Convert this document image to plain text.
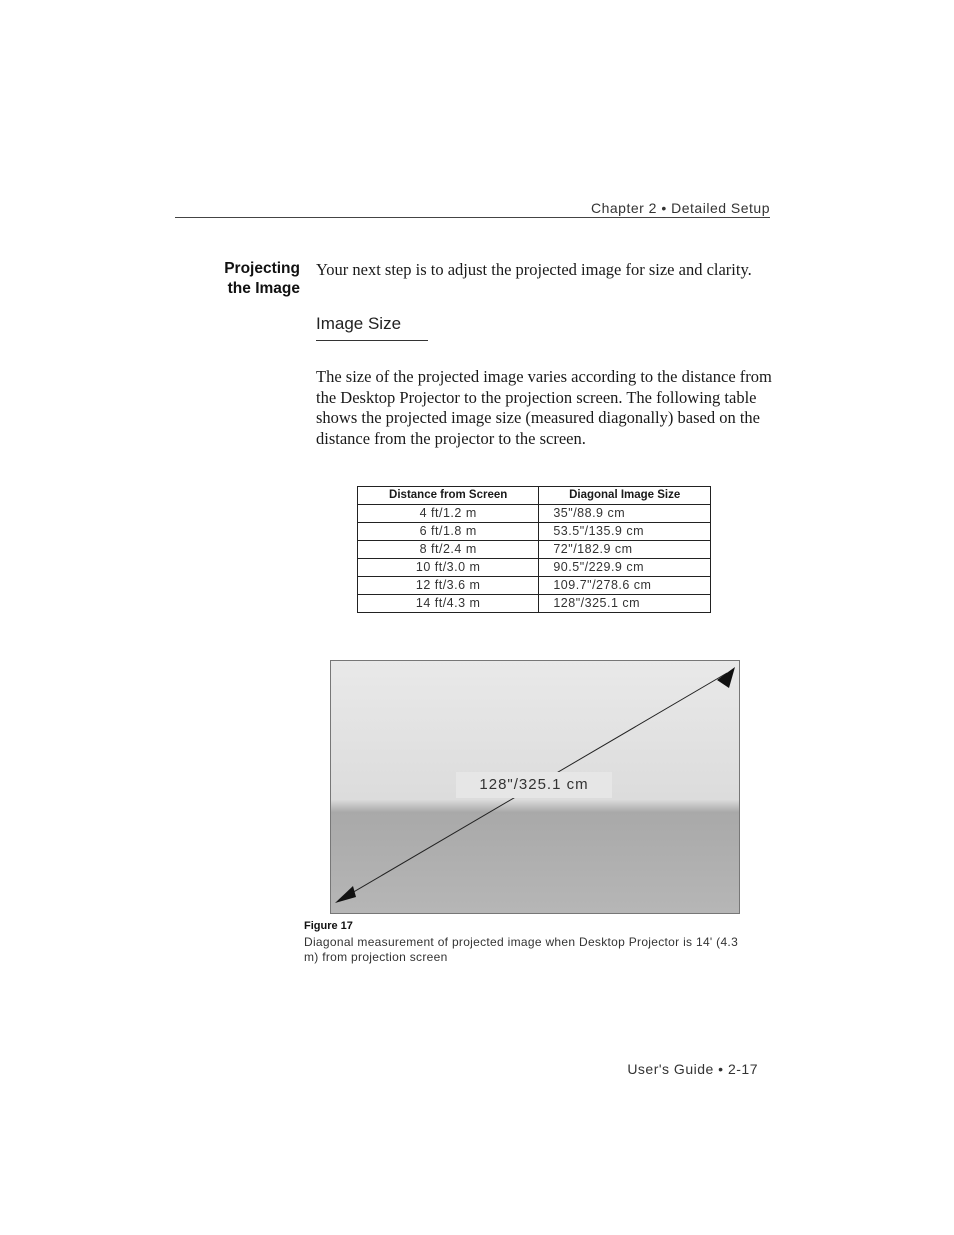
Chapter 2 • Detailed Setup
Projecting
the Image
Your next step is to adjust the projected image for size and clarity.
Image Size
The size of the projected image varies according to the distance from the Desktop Projector to the projection screen. The following table shows the projected image size (measured diagonally) based on the distance from the projector to the screen.
Distance from Screen	Diagonal Image Size
4 ft/1.2 m	35"/88.9 cm
6 ft/1.8 m	53.5"/135.9 cm
8 ft/2.4 m	72"/182.9 cm
10 ft/3.0 m	90.5"/229.9 cm
12 ft/3.6 m	109.7"/278.6 cm
14 ft/4.3 m	128"/325.1 cm
128"/325.1 cm
Figure 17
Diagonal measurement of projected image when Desktop Projector is 14' (4.3 m) from projection screen
User's Guide • 2-17
